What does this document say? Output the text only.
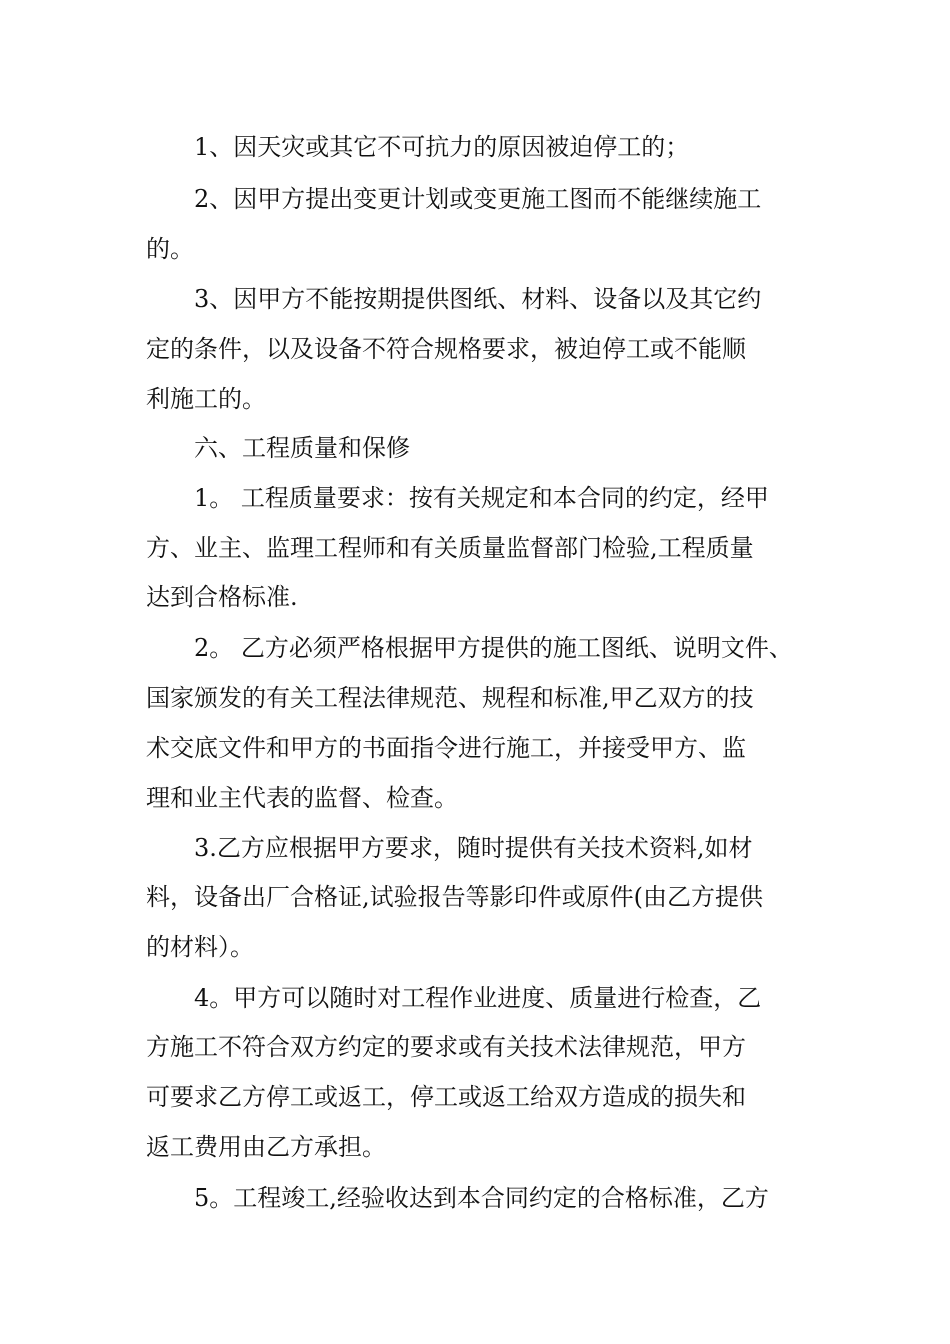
1、因天灾或其它不可抗力的原因被迫停工的；
2、因甲方提出变更计划或变更施工图而不能继续施工
的。
3、因甲方不能按期提供图纸、材料、设备以及其它约
定的条件，以及设备不符合规格要求，被迫停工或不能顺
利施工的。
六、工程质量和保修
1。 工程质量要求：按有关规定和本合同的约定，经甲
方、业主、监理工程师和有关质量监督部门检验,工程质量
达到合格标准.
2。 乙方必须严格根据甲方提供的施工图纸、说明文件、
国家颁发的有关工程法律规范、规程和标准,甲乙双方的技
术交底文件和甲方的书面指令进行施工，并接受甲方、监
理和业主代表的监督、检查。
3.乙方应根据甲方要求，随时提供有关技术资料,如材
料，设备出厂合格证,试验报告等影印件或原件(由乙方提供
的材料）。
4。甲方可以随时对工程作业进度、质量进行检查，乙
方施工不符合双方约定的要求或有关技术法律规范，甲方
可要求乙方停工或返工，停工或返工给双方造成的损失和
返工费用由乙方承担。
5。工程竣工,经验收达到本合同约定的合格标准，乙方
